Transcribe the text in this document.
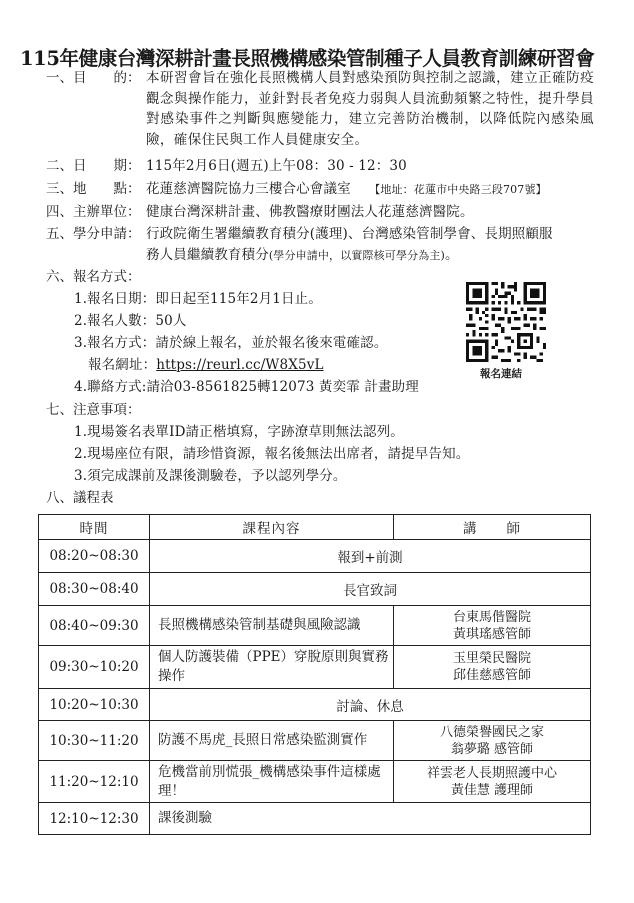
115年健康台灣深耕計畫長照機構感染管制種子人員教育訓練研習會
一、目　　的： 本研習會旨在強化長照機構人員對感染預防與控制之認識，建立正確防疫觀念與操作能力，並針對長者免疫力弱與人員流動頻繁之特性，提升學員對感染事件之判斷與應變能力，建立完善防治機制，以降低院內感染風險，確保住民與工作人員健康安全。
二、日　　期： 115年2月6日(週五)上午08：30 - 12：30
三、地　　點： 花蓮慈濟醫院協力三樓合心會議室 【地址：花蓮市中央路三段707號】
四、主辦單位： 健康台灣深耕計畫、佛教醫療財團法人花蓮慈濟醫院。
五、學分申請： 行政院衛生署繼續教育積分(護理)、台灣感染管制學會、長期照顧服
務人員繼續教育積分(學分申請中，以實際核可學分為主)。
六、報名方式：
1.報名日期：即日起至115年2月1日止。
2.報名人數：50人
3.報名方式：請於線上報名，並於報名後來電確認。
報名網址：https://reurl.cc/W8X5vL
4.聯絡方式:請洽03-8561825轉12073 黃奕霏 計畫助理
報名連結
七、注意事項：
1.現場簽名表單ID請正楷填寫，字跡潦草則無法認列。
2.現場座位有限，請珍惜資源，報名後無法出席者，請提早告知。
3.須完成課前及課後測驗卷，予以認列學分。
八、議程表
時間	課程內容	講　　師
08:20~08:30	報到+前測	
08:30~08:40	長官致詞	
08:40~09:30	長照機構感染管制基礎與風險認識	台東馬偕醫院
黃琪瑤感管師

09:30~10:20	個人防護裝備（PPE）穿脫原則與實務操作	玉里榮民醫院
邱佳慈感管師

10:20~10:30	討論、休息	
10:30~11:20	防護不馬虎_長照日常感染監測實作	八德榮譽國民之家
翁夢璐 感管師

11:20~12:10	危機當前別慌張_機構感染事件這樣處理！	祥雲老人長期照護中心
黃佳慧 護理師

12:10~12:30	課後測驗	
